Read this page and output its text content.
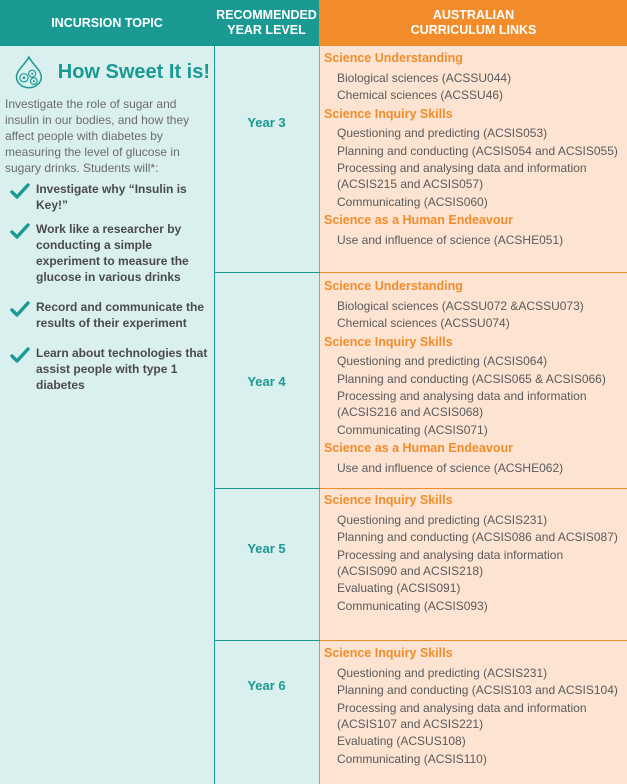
INCURSION TOPIC
RECOMMENDED
YEAR LEVEL
AUSTRALIAN
CURRICULUM LINKS
How Sweet It is!
Investigate the role of sugar and insulin in our bodies, and how they affect people with diabetes by measuring the level of glucose in sugary drinks. Students will*:
Investigate why “Insulin is Key!”
Work like a researcher by conducting a simple experiment to measure the glucose in various drinks
Record and communicate the results of their experiment
Learn about technologies that assist people with type 1 diabetes
Year 3
Year 4
Year 5
Year 6
Science Understanding
Biological sciences (ACSSU044)
Chemical sciences (ACSSU46)
Science Inquiry Skills
Questioning and predicting (ACSIS053)
Planning and conducting (ACSIS054 and ACSIS055)
Processing and analysing data and information (ACSIS215 and ACSIS057)
Communicating (ACSIS060)
Science as a Human Endeavour
Use and influence of science (ACSHE051)
Science Understanding
Biological sciences (ACSSU072 &ACSSU073)
Chemical sciences (ACSSU074)
Science Inquiry Skills
Questioning and predicting (ACSIS064)
Planning and conducting (ACSIS065 & ACSIS066)
Processing and analysing data and information (ACSIS216 and ACSIS068)
Communicating (ACSIS071)
Science as a Human Endeavour
Use and influence of science (ACSHE062)
Science Inquiry Skills
Questioning and predicting (ACSIS231)
Planning and conducting (ACSIS086 and ACSIS087)
Processing and analysing data information (ACSIS090 and ACSIS218)
Evaluating (ACSIS091)
Communicating (ACSIS093)
Science Inquiry Skills
Questioning and predicting (ACSIS231)
Planning and conducting (ACSIS103 and ACSIS104)
Processing and analysing data and information (ACSIS107 and ACSIS221)
Evaluating (ACSUS108)
Communicating (ACSIS110)
